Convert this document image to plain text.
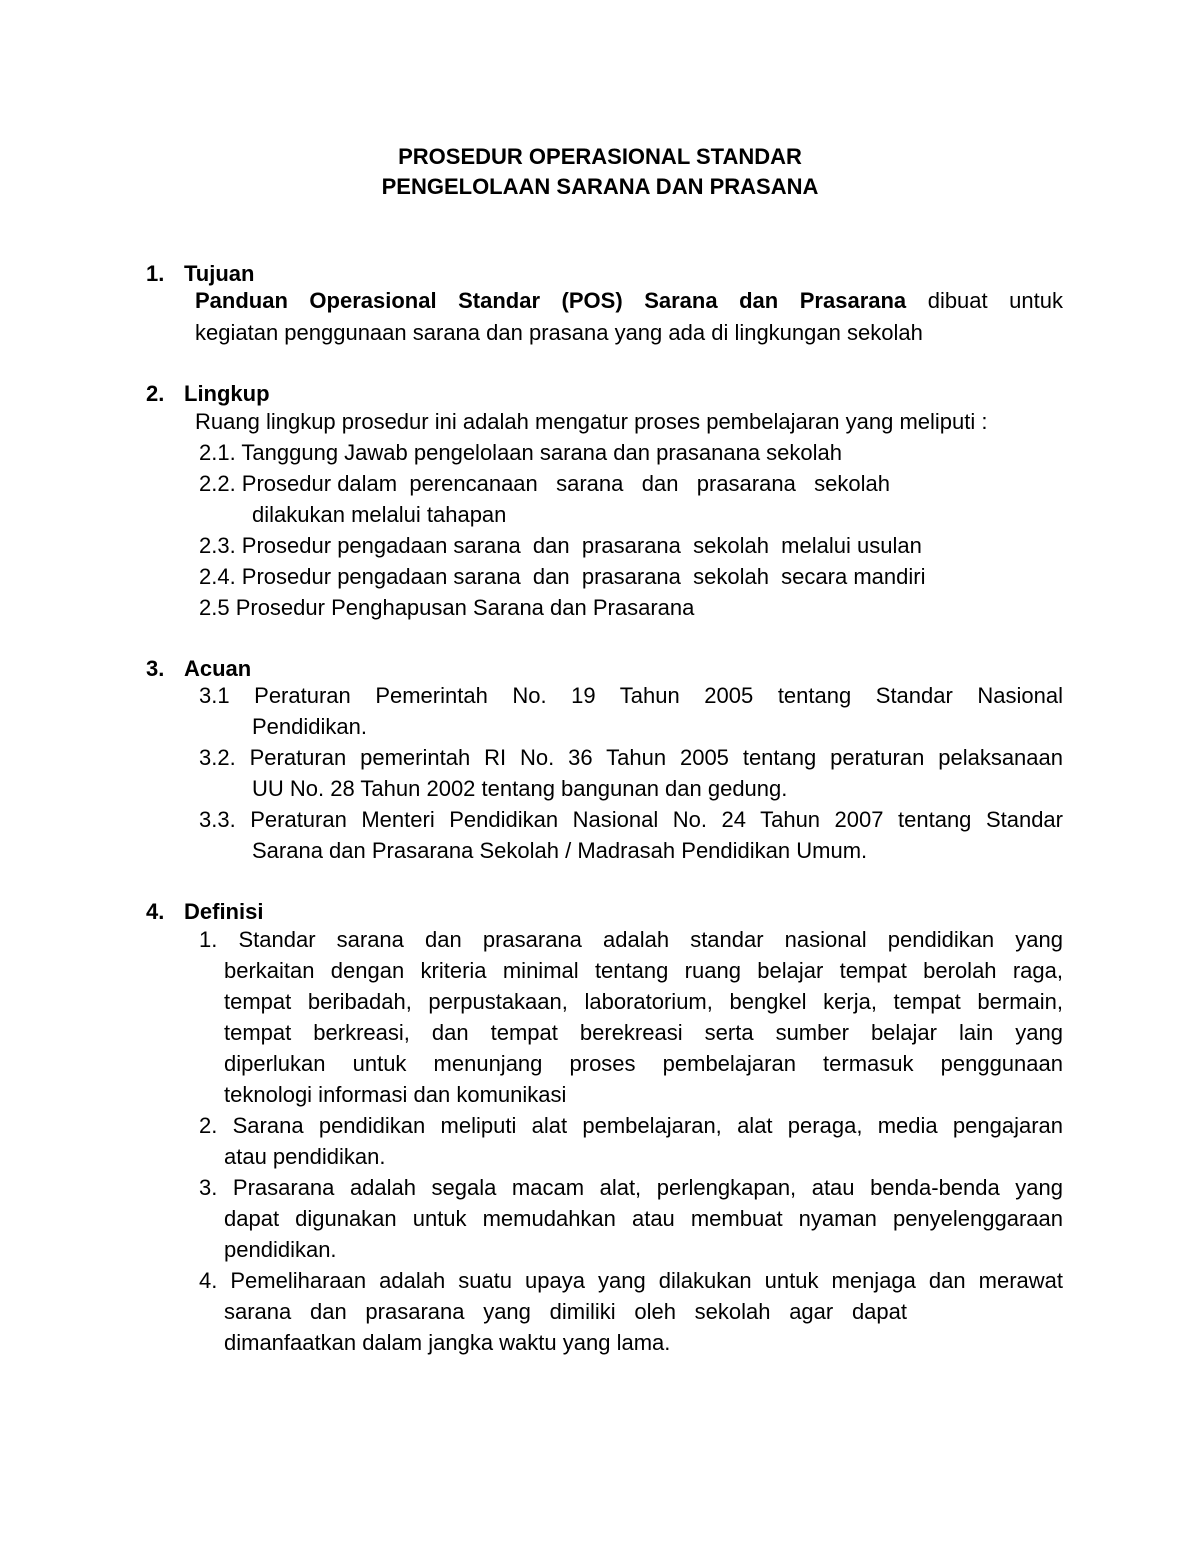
PROSEDUR OPERASIONAL STANDAR
PENGELOLAAN SARANA DAN PRASANA
1. Tujuan
Panduan Operasional Standar (POS) Sarana dan Prasarana dibuat untuk
kegiatan penggunaan sarana dan prasana yang ada di lingkungan sekolah
2. Lingkup
Ruang lingkup prosedur ini adalah mengatur proses pembelajaran yang meliputi :
2.1. Tanggung Jawab pengelolaan sarana dan prasanana sekolah
2.2. Prosedur dalam  perencanaan   sarana   dan   prasarana   sekolah
dilakukan melalui tahapan
2.3. Prosedur pengadaan sarana  dan  prasarana  sekolah  melalui usulan
2.4. Prosedur pengadaan sarana  dan  prasarana  sekolah  secara mandiri
2.5 Prosedur Penghapusan Sarana dan Prasarana
3. Acuan
3.1 Peraturan Pemerintah No. 19 Tahun 2005 tentang Standar Nasional
Pendidikan.
3.2. Peraturan pemerintah RI No. 36 Tahun 2005 tentang peraturan pelaksanaan
UU No. 28 Tahun 2002 tentang bangunan dan gedung.
3.3. Peraturan Menteri Pendidikan Nasional No. 24 Tahun 2007 tentang Standar
Sarana dan Prasarana Sekolah / Madrasah Pendidikan Umum.
4. Definisi
1. Standar sarana dan prasarana adalah standar nasional pendidikan yang
berkaitan dengan kriteria minimal tentang ruang belajar tempat berolah raga,
tempat beribadah, perpustakaan, laboratorium, bengkel kerja, tempat bermain,
tempat berkreasi, dan tempat berekreasi serta sumber belajar lain yang
diperlukan untuk menunjang proses pembelajaran termasuk penggunaan
teknologi informasi dan komunikasi
2. Sarana pendidikan meliputi alat pembelajaran, alat peraga, media pengajaran
atau pendidikan.
3. Prasarana adalah segala macam alat, perlengkapan, atau benda-benda yang
dapat digunakan untuk memudahkan atau membuat nyaman penyelenggaraan
pendidikan.
4. Pemeliharaan adalah suatu upaya yang dilakukan untuk menjaga dan merawat
sarana dan prasarana yang dimiliki oleh sekolah agar dapat
dimanfaatkan dalam jangka waktu yang lama.
